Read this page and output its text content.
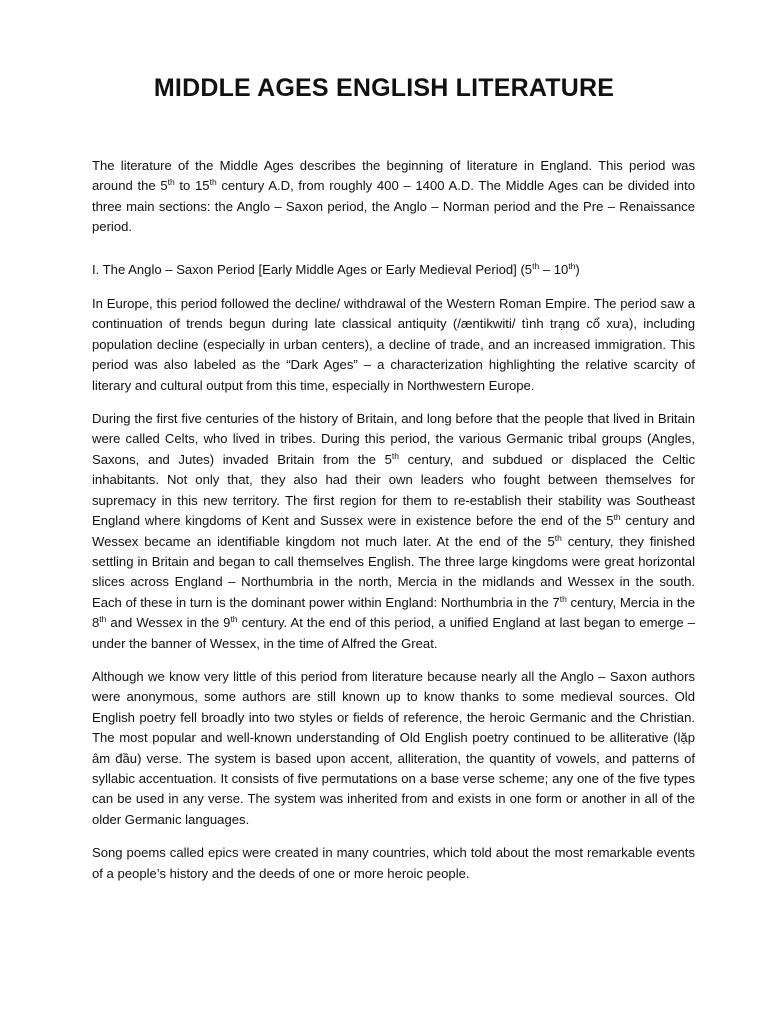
MIDDLE AGES ENGLISH LITERATURE

The literature of the Middle Ages describes the beginning of literature in England. This period was around the 5th to 15th century A.D, from roughly 400 – 1400 A.D. The Middle Ages can be divided into three main sections: the Anglo – Saxon period, the Anglo – Norman period and the Pre – Renaissance period.

I. The Anglo – Saxon Period [Early Middle Ages or Early Medieval Period] (5th – 10th)

In Europe, this period followed the decline/ withdrawal of the Western Roman Empire. The period saw a continuation of trends begun during late classical antiquity (/æntikwiti/ tình trạng cổ xưa), including population decline (especially in urban centers), a decline of trade, and an increased immigration. This period was also labeled as the “Dark Ages” – a characterization highlighting the relative scarcity of literary and cultural output from this time, especially in Northwestern Europe.

During the first five centuries of the history of Britain, and long before that the people that lived in Britain were called Celts, who lived in tribes. During this period, the various Germanic tribal groups (Angles, Saxons, and Jutes) invaded Britain from the 5th century, and subdued or displaced the Celtic inhabitants. Not only that, they also had their own leaders who fought between themselves for supremacy in this new territory. The first region for them to re-establish their stability was Southeast England where kingdoms of Kent and Sussex were in existence before the end of the 5th century and Wessex became an identifiable kingdom not much later. At the end of the 5th century, they finished settling in Britain and began to call themselves English. The three large kingdoms were great horizontal slices across England – Northumbria in the north, Mercia in the midlands and Wessex in the south. Each of these in turn is the dominant power within England: Northumbria in the 7th century, Mercia in the 8th and Wessex in the 9th century. At the end of this period, a unified England at last began to emerge – under the banner of Wessex, in the time of Alfred the Great.

Although we know very little of this period from literature because nearly all the Anglo – Saxon authors were anonymous, some authors are still known up to know thanks to some medieval sources. Old English poetry fell broadly into two styles or fields of reference, the heroic Germanic and the Christian. The most popular and well-known understanding of Old English poetry continued to be alliterative (lặp âm đầu) verse. The system is based upon accent, alliteration, the quantity of vowels, and patterns of syllabic accentuation. It consists of five permutations on a base verse scheme; any one of the five types can be used in any verse. The system was inherited from and exists in one form or another in all of the older Germanic languages.

Song poems called epics were created in many countries, which told about the most remarkable events of a people’s history and the deeds of one or more heroic people.
